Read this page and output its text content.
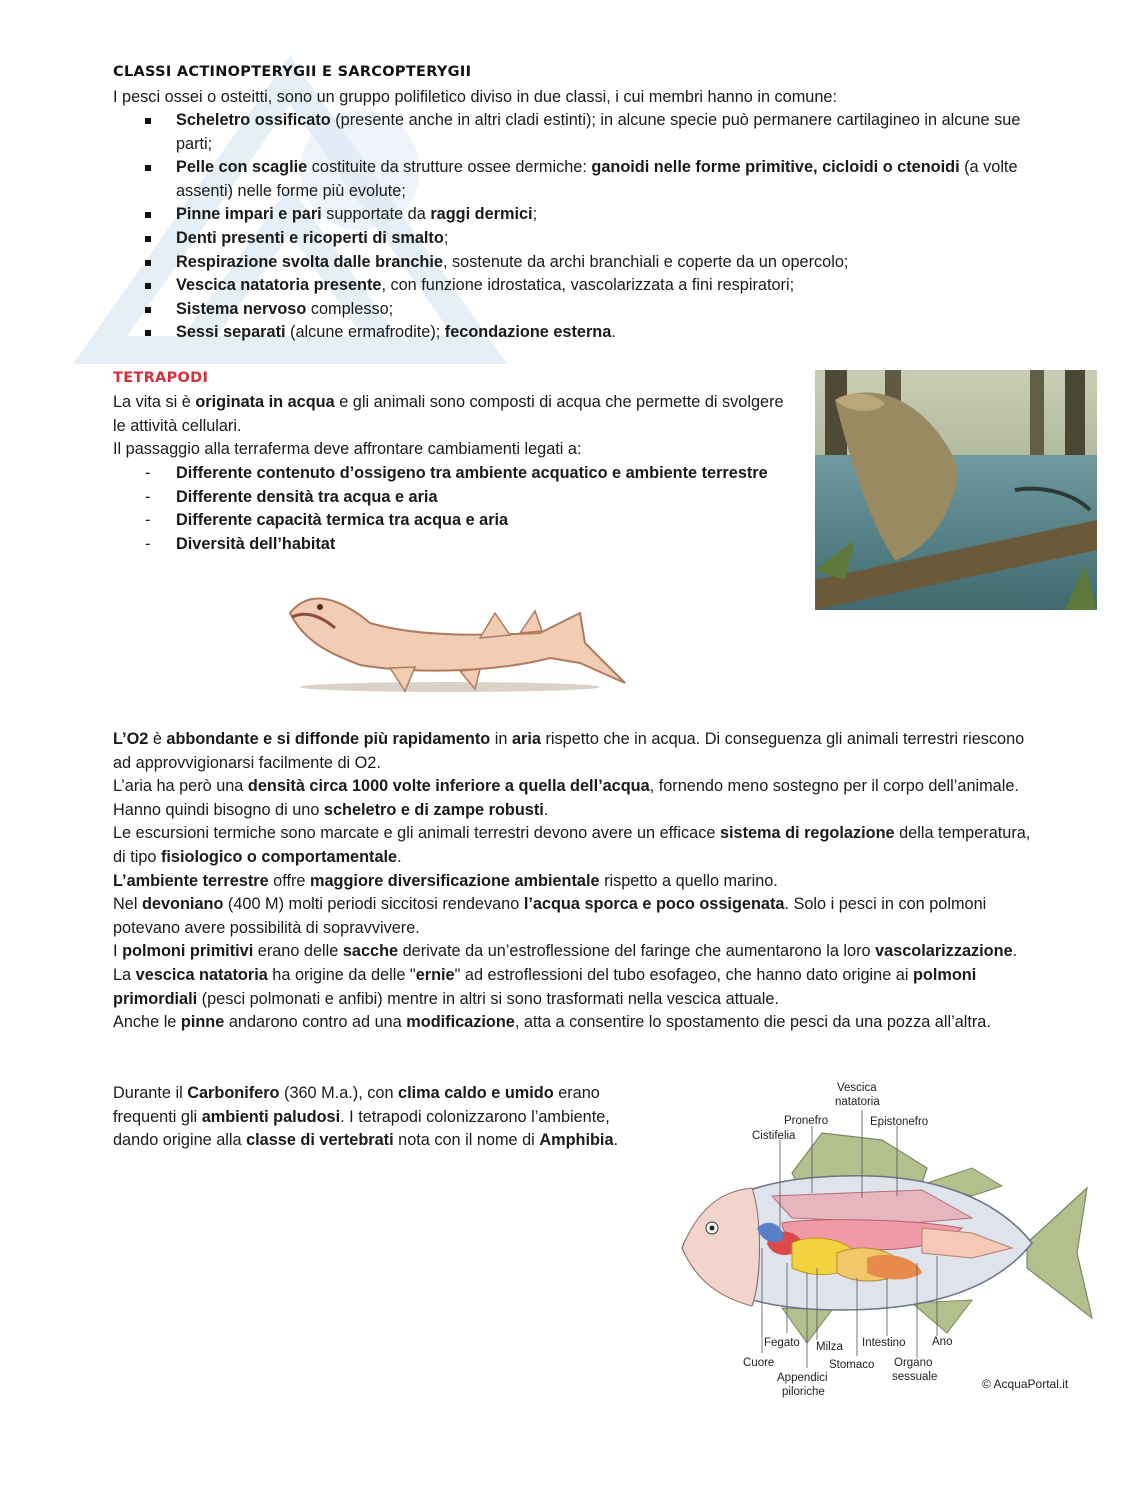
CLASSI ACTINOPTERYGII E SARCOPTERYGII

I pesci ossei o osteitti, sono un gruppo polifiletico diviso in due classi, i cui membri hanno in comune:

Scheletro ossificato (presente anche in altri cladi estinti); in alcune specie può permanere cartilagineo in alcune sue parti;
Pelle con scaglie costituite da strutture ossee dermiche: ganoidi nelle forme primitive, cicloidi o ctenoidi (a volte assenti) nelle forme più evolute;
Pinne impari e pari supportate da raggi dermici;
Denti presenti e ricoperti di smalto;
Respirazione svolta dalle branchie, sostenute da archi branchiali e coperte da un opercolo;
Vescica natatoria presente, con funzione idrostatica, vascolarizzata a fini respiratori;
Sistema nervoso complesso;
Sessi separati (alcune ermafrodite); fecondazione esterna.
TETRAPODI

La vita si è originata in acqua e gli animali sono composti di acqua che permette di svolgere le attività cellulari.

Il passaggio alla terraferma deve affrontare cambiamenti legati a:

- Differente contenuto d’ossigeno tra ambiente acquatico e ambiente terrestre
- Differente densità tra acqua e aria
- Differente capacità termica tra acqua e aria
- Diversità dell’habitat

L’O2 è abbondante e si diffonde più rapidamento in aria rispetto che in acqua. Di conseguenza gli animali terrestri riescono ad approvvigionarsi facilmente di O2.

L’aria ha però una densità circa 1000 volte inferiore a quella dell’acqua, fornendo meno sostegno per il corpo dell’animale. Hanno quindi bisogno di uno scheletro e di zampe robusti.

Le escursioni termiche sono marcate e gli animali terrestri devono avere un efficace sistema di regolazione della temperatura, di tipo fisiologico o comportamentale.

L’ambiente terrestre offre maggiore diversificazione ambientale rispetto a quello marino.

Nel devoniano (400 M) molti periodi siccitosi rendevano l’acqua sporca e poco ossigenata. Solo i pesci in con polmoni potevano avere possibilità di sopravvivere.

I polmoni primitivi erano delle sacche derivate da un’estroflessione del faringe che aumentarono la loro vascolarizzazione.

La vescica natatoria ha origine da delle "ernie" ad estroflessioni del tubo esofageo, che hanno dato origine ai polmoni primordiali (pesci polmonati e anfibi) mentre in altri si sono trasformati nella vescica attuale.

Anche le pinne andarono contro ad una modificazione, atta a consentire lo spostamento die pesci da una pozza all’altra.

Durante il Carbonifero (360 M.a.), con clima caldo e umido erano frequenti gli ambienti paludosi. I tetrapodi colonizzarono l’ambiente, dando origine alla classe di vertebrati nota con il nome di Amphibia.

Vescica
natatoria
Pronefro	Epistonefro
Cistifelia
Fegato Milza Intestino Ano
Cuore	Stomaco Organo
sessuale
Appendici
piloriche
© AcquaPortal.it
